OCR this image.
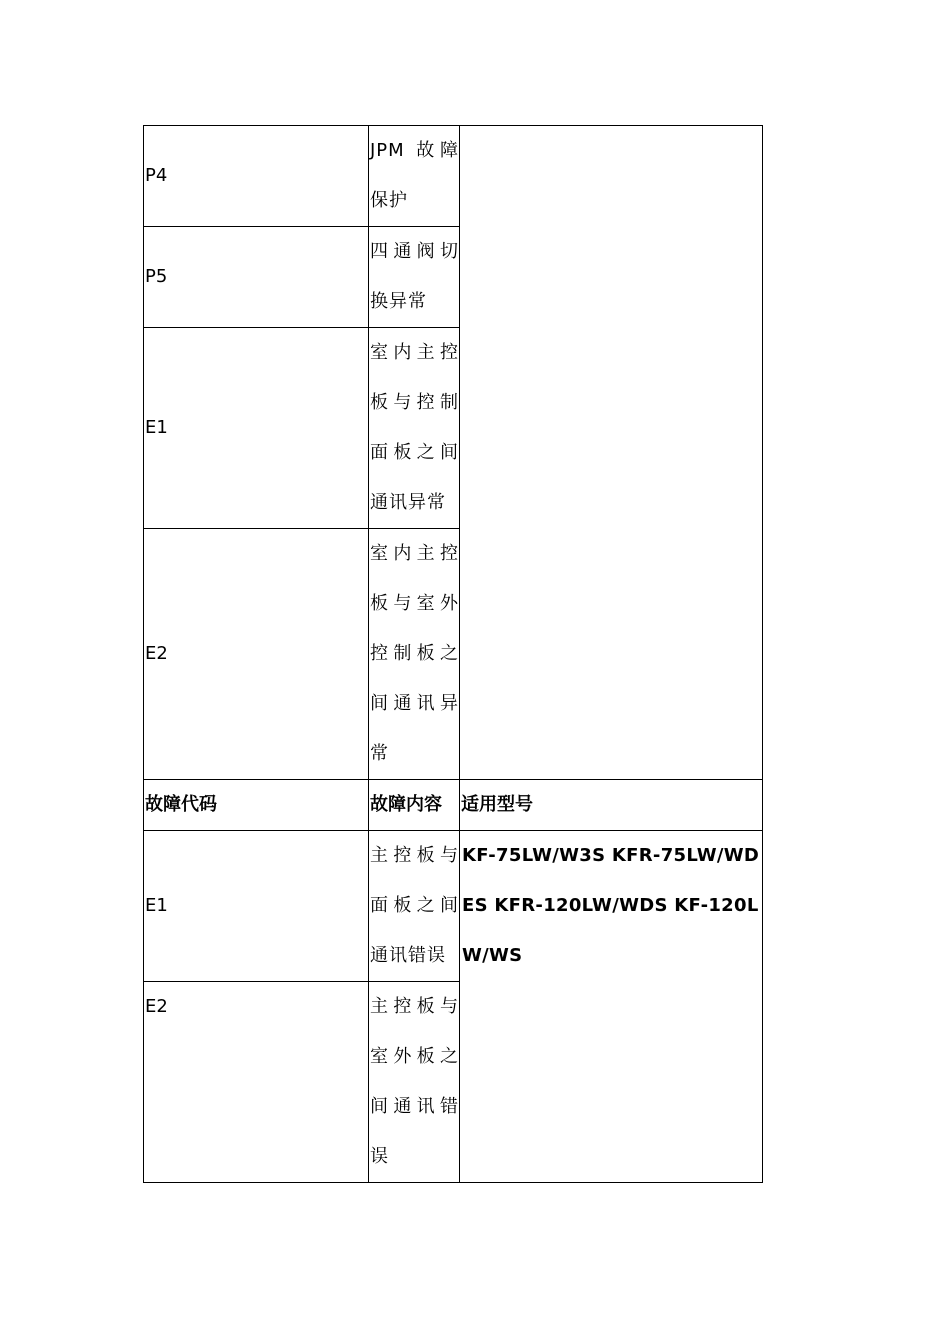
P4	JPM 故障保护	
P5	四通阀切换异常	
E1	室内主控板与控制面板之间通讯异常	
E2	室内主控板与室外控制板之间通讯异常	
故障代码	故障内容	适用型号
E1	主控板与面板之间通讯错误	KF-75LW/W3S KFR-75LW/WDES KFR-120LW/WDS KF-120LW/WS
E2	主控板与室外板之间通讯错误	
